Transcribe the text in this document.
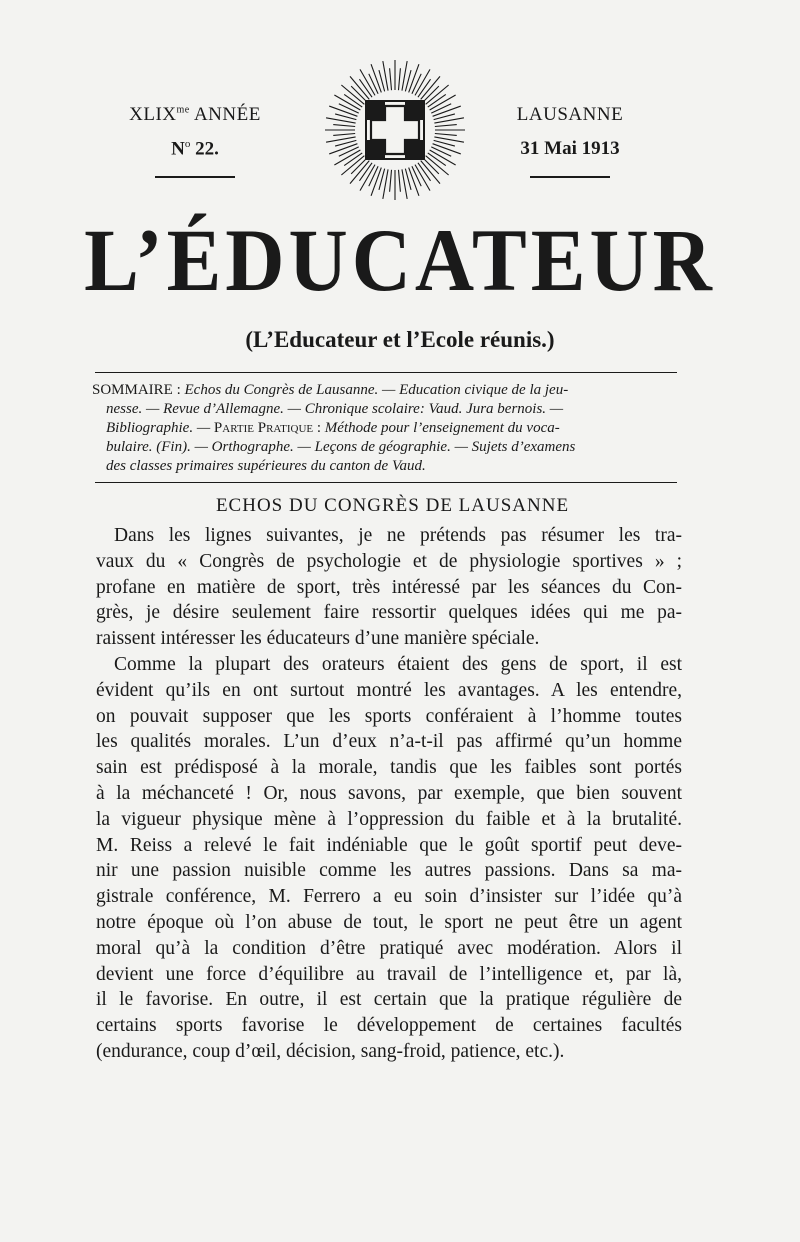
$XLIX^{me}$ ANNÉE
$N^o$ 22.
LAUSANNE
31 Mai 1913
L’ÉDUCATEUR
(L’Educateur et l’Ecole réunis.)
SOMMAIRE : Echos du Congrès de Lausanne. — Education civique de la jeu-
nesse. — Revue d’Allemagne. — Chronique scolaire: Vaud. Jura bernois. —
Bibliographie. — Partie Pratique : Méthode pour l’enseignement du voca-
bulaire. (Fin). — Orthographe. — Leçons de géographie. — Sujets d’examens
des classes primaires supérieures du canton de Vaud.
ECHOS DU CONGRÈS DE LAUSANNE
Dans les lignes suivantes, je ne prétends pas résumer les tra-
vaux du « Congrès de psychologie et de physiologie sportives » ;
profane en matière de sport, très intéressé par les séances du Con-
grès, je désire seulement faire ressortir quelques idées qui me pa-
raissent intéresser les éducateurs d’une manière spéciale.
Comme la plupart des orateurs étaient des gens de sport, il est
évident qu’ils en ont surtout montré les avantages. A les entendre,
on pouvait supposer que les sports conféraient à l’homme toutes
les qualités morales. L’un d’eux n’a-t-il pas affirmé qu’un homme
sain est prédisposé à la morale, tandis que les faibles sont portés
à la méchanceté ! Or, nous savons, par exemple, que bien souvent
la vigueur physique mène à l’oppression du faible et à la brutalité.
M. Reiss a relevé le fait indéniable que le goût sportif peut deve-
nir une passion nuisible comme les autres passions. Dans sa ma-
gistrale conférence, M. Ferrero a eu soin d’insister sur l’idée qu’à
notre époque où l’on abuse de tout, le sport ne peut être un agent
moral qu’à la condition d’être pratiqué avec modération. Alors il
devient une force d’équilibre au travail de l’intelligence et, par là,
il le favorise. En outre, il est certain que la pratique régulière de
certains sports favorise le développement de certaines facultés
(endurance, coup d’œil, décision, sang-froid, patience, etc.).
